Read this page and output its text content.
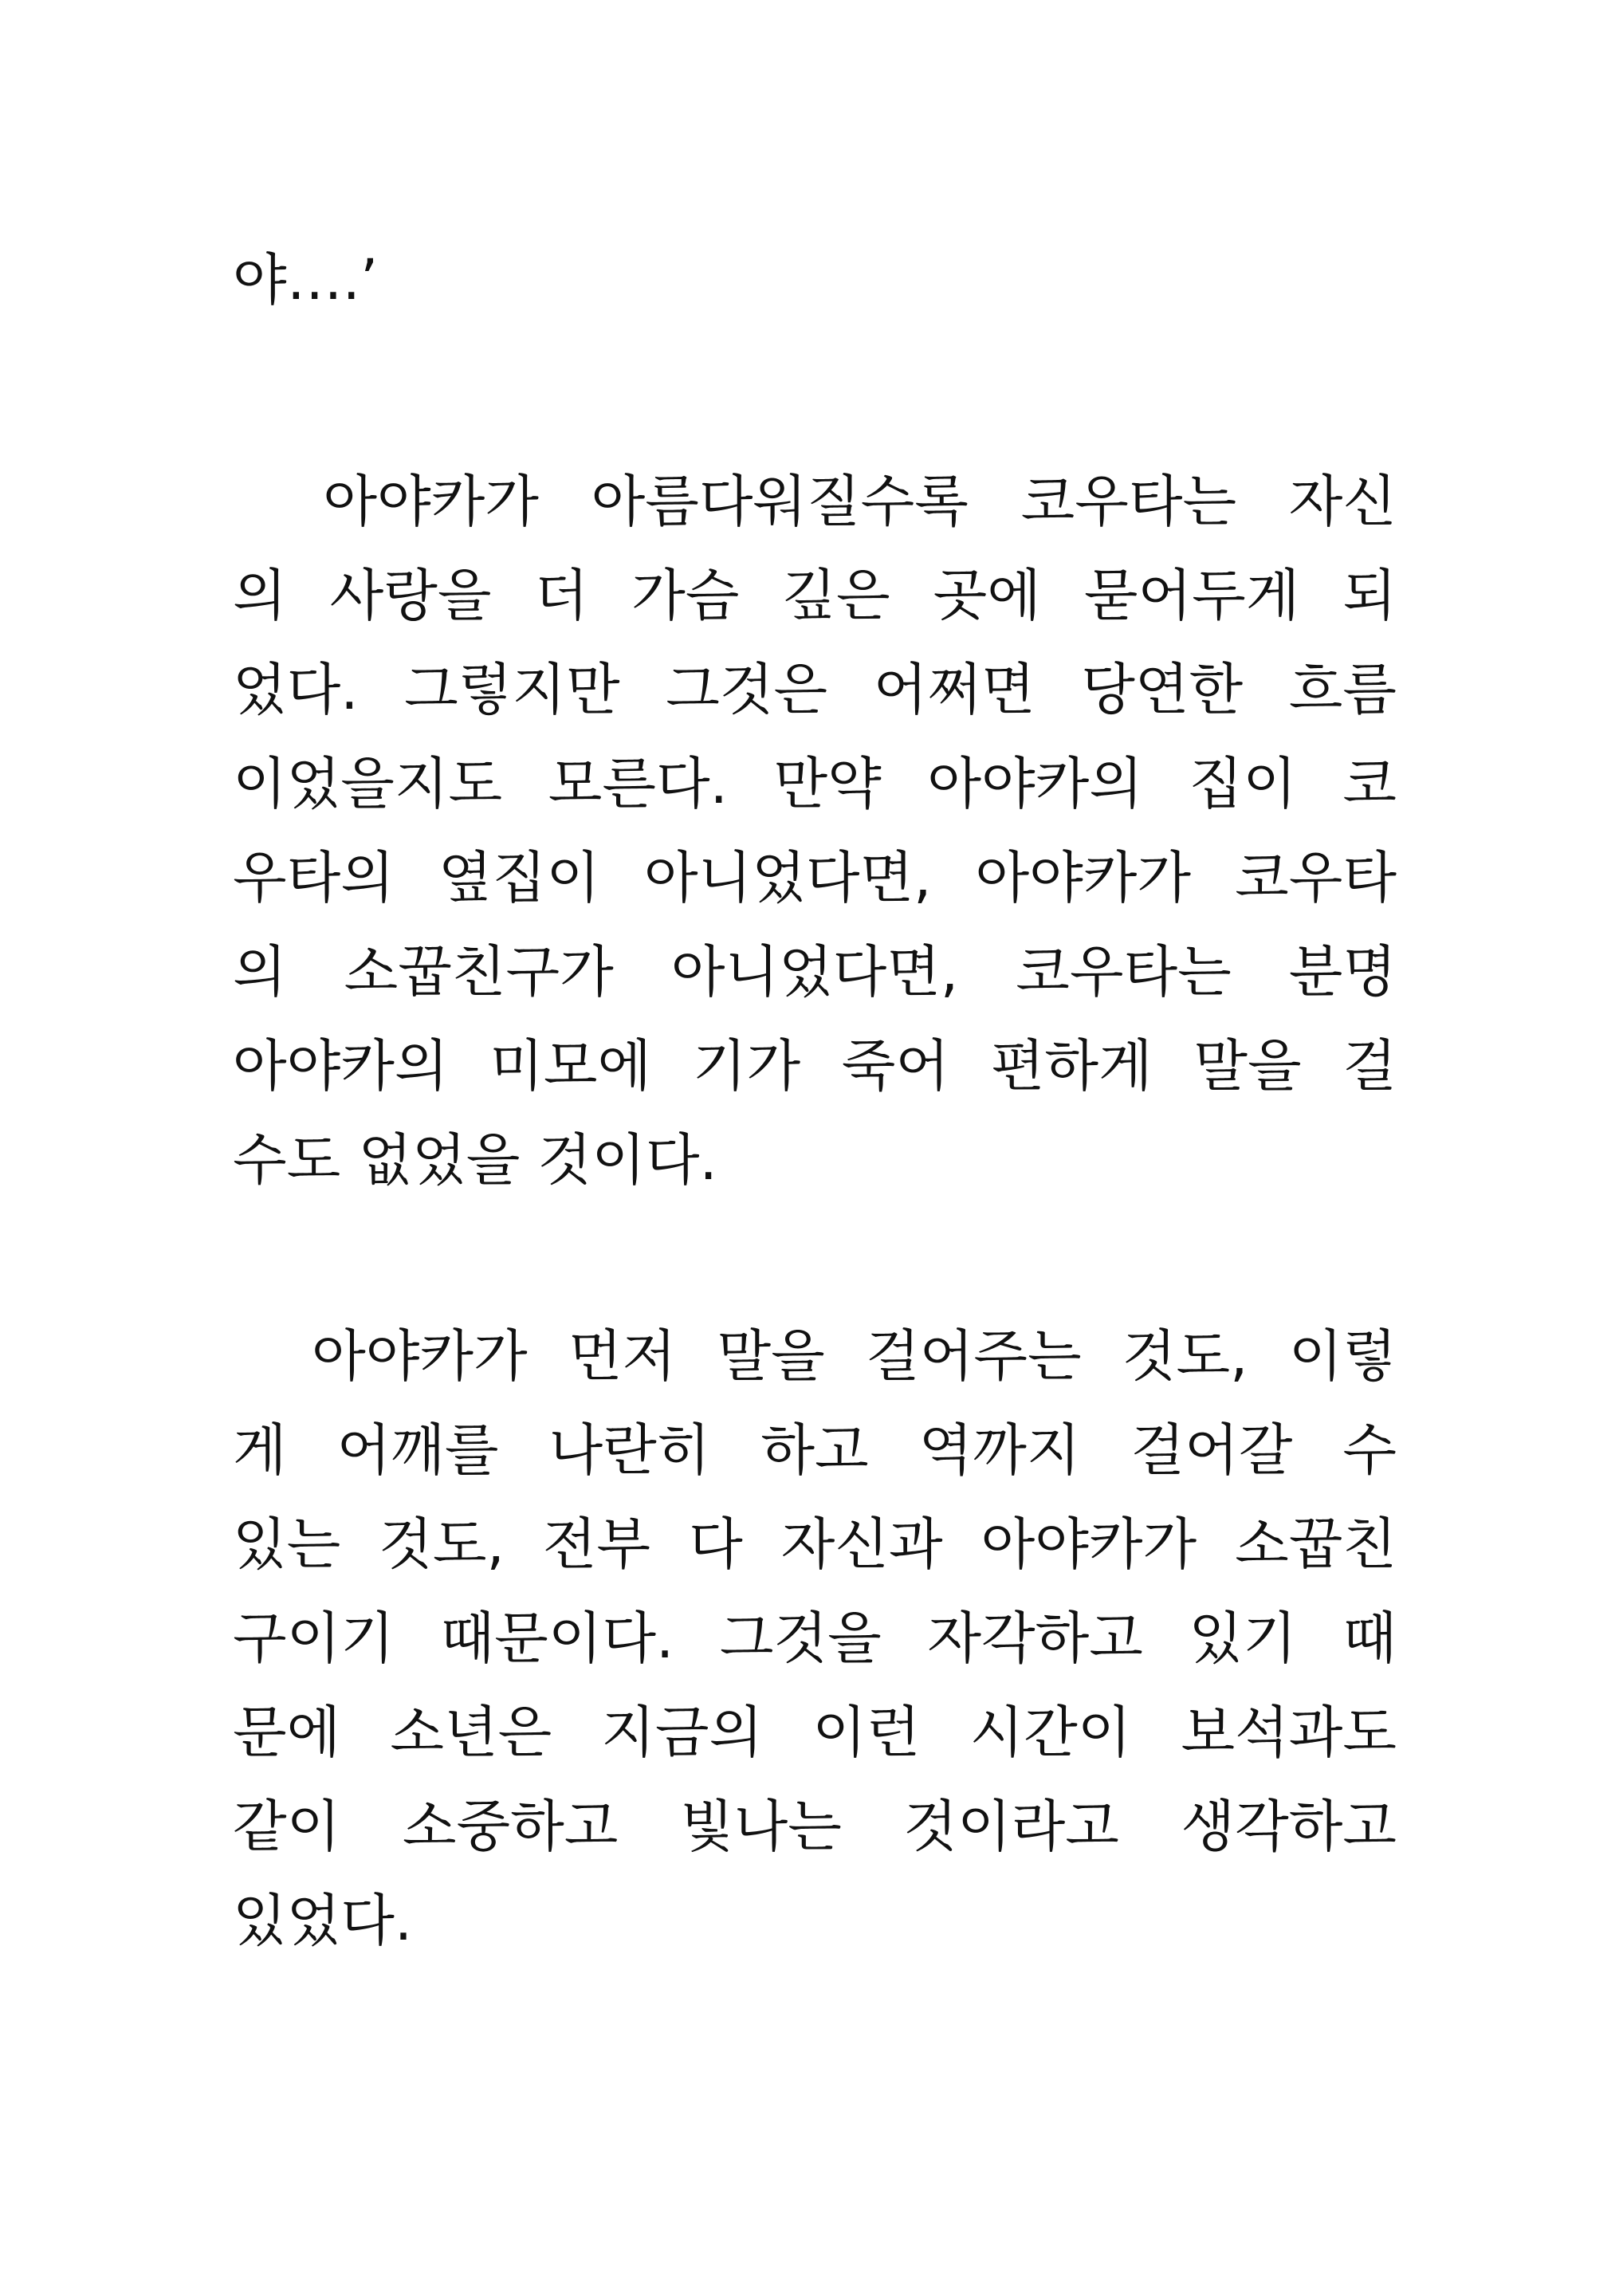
야….’
　아야카가 아름다워질수록 코우타는 자신
의 사랑을 더 가슴 깊은 곳에 묻어두게 되
었다. 그렇지만 그것은 어쩌면 당연한 흐름
이었을지도 모른다. 만약 아야카의 집이 코
우타의 옆집이 아니었다면, 아야카가 코우타
의 소꿉친구가 아니었다면, 코우타는 분명
아야카의 미모에 기가 죽어 편하게 말을 걸
수도 없었을 것이다.
　아야카가 먼저 말을 걸어주는 것도, 이렇
게 어깨를 나란히 하고 역까지 걸어갈 수
있는 것도, 전부 다 자신과 아야카가 소꿉친
구이기 때문이다. 그것을 자각하고 있기 때
문에 소년은 지금의 이런 시간이 보석과도
같이 소중하고 빛나는 것이라고 생각하고
있었다.
